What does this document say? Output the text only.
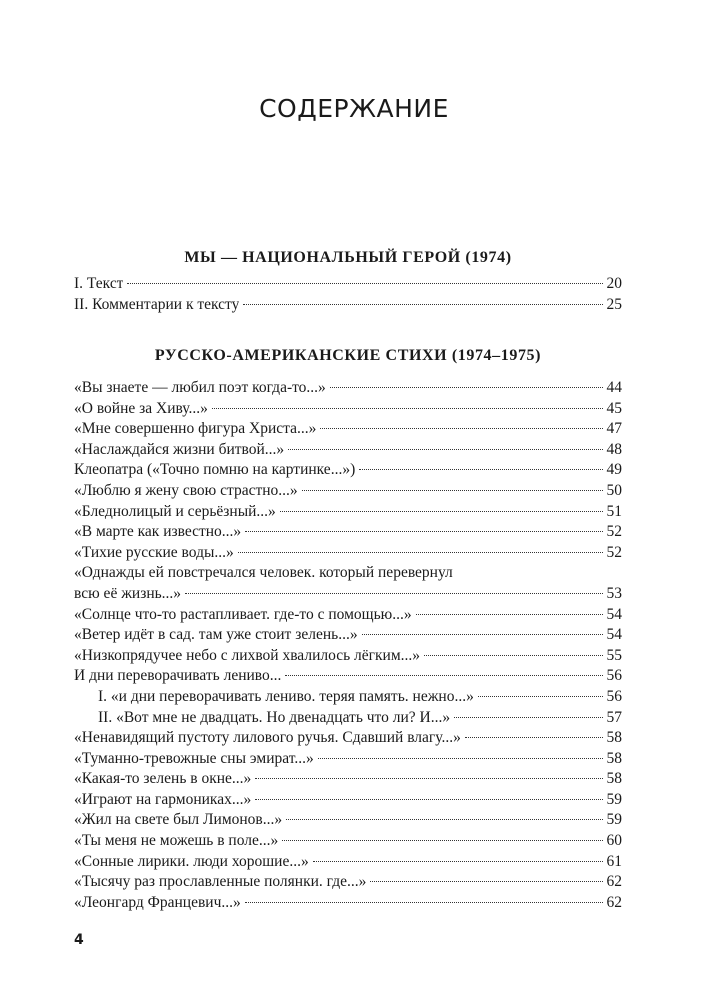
СОДЕРЖАНИЕ
МЫ — НАЦИОНАЛЬНЫЙ ГЕРОЙ (1974)
I. Текст	20
II. Комментарии к тексту	25
РУССКО-АМЕРИКАНСКИЕ СТИХИ (1974–1975)
«Вы знаете — любил поэт когда-то...»	44
«О войне за Хиву...»	45
«Мне совершенно фигура Христа...»	47
«Наслаждайся жизни битвой...»	48
Клеопатра («Точно помню на картинке...»)	49
«Люблю я жену свою страстно...»	50
«Бледнолицый и серьёзный...»	51
«В марте как известно...»	52
«Тихие русские воды...»	52
«Однажды ей повстречался человек. который перевернул
всю её жизнь...»	53
«Солнце что-то растапливает. где-то с помощью...»	54
«Ветер идёт в сад. там уже стоит зелень...»	54
«Низкопрядучее небо с лихвой хвалилось лёгким...»	55
И дни переворачивать лениво...	56
I. «и дни переворачивать лениво. теряя память. нежно...»	56
II. «Вот мне не двадцать. Но двенадцать что ли? И...»	57
«Ненавидящий пустоту лилового ручья. Сдавший влагу...»	58
«Туманно-тревожные сны эмират...»	58
«Какая-то зелень в окне...»	58
«Играют на гармониках...»	59
«Жил на свете был Лимонов...»	59
«Ты меня не можешь в поле...»	60
«Сонные лирики. люди хорошие...»	61
«Тысячу раз прославленные полянки. где...»	62
«Леонгард Францевич...»	62
4
